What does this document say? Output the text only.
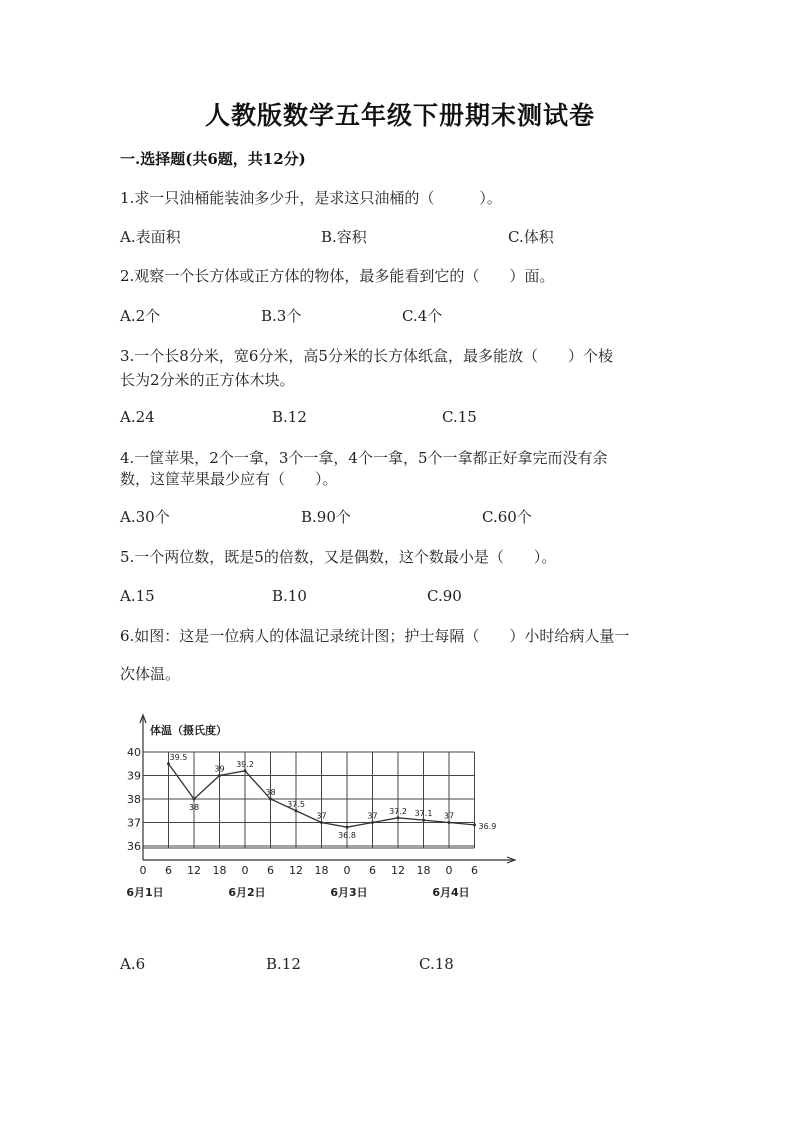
人教版数学五年级下册期末测试卷
一.选择题(共6题，共12分)
1.求一只油桶能装油多少升，是求这只油桶的（　　　）。
A.表面积	B.容积	C.体积
2.观察一个长方体或正方体的物体，最多能看到它的（　　）面。
A.2个	B.3个	C.4个
3.一个长8分米，宽6分米，高5分米的长方体纸盒，最多能放（　　）个棱
长为2分米的正方体木块。
A.24	B.12	C.15
4.一筐苹果，2个一拿，3个一拿，4个一拿，5个一拿都正好拿完而没有余
数，这筐苹果最少应有（　　）。
A.30个	B.90个	C.60个
5.一个两位数，既是5的倍数，又是偶数，这个数最小是（　　）。
A.15	B.10	C.90
6.如图：这是一位病人的体温记录统计图；护士每隔（　　）小时给病人量一
次体温。
体温（摄氏度）
36
37
38
39
40
0 6 12 18 0 6 12 18 0 6 12 18 0 6
6月1日	6月2日	6月3日	6月4日
39.5
38
39
39.2
38
37.5
37
36.8
37
37.2 37.1 37
36.9
A.6	B.12	C.18
